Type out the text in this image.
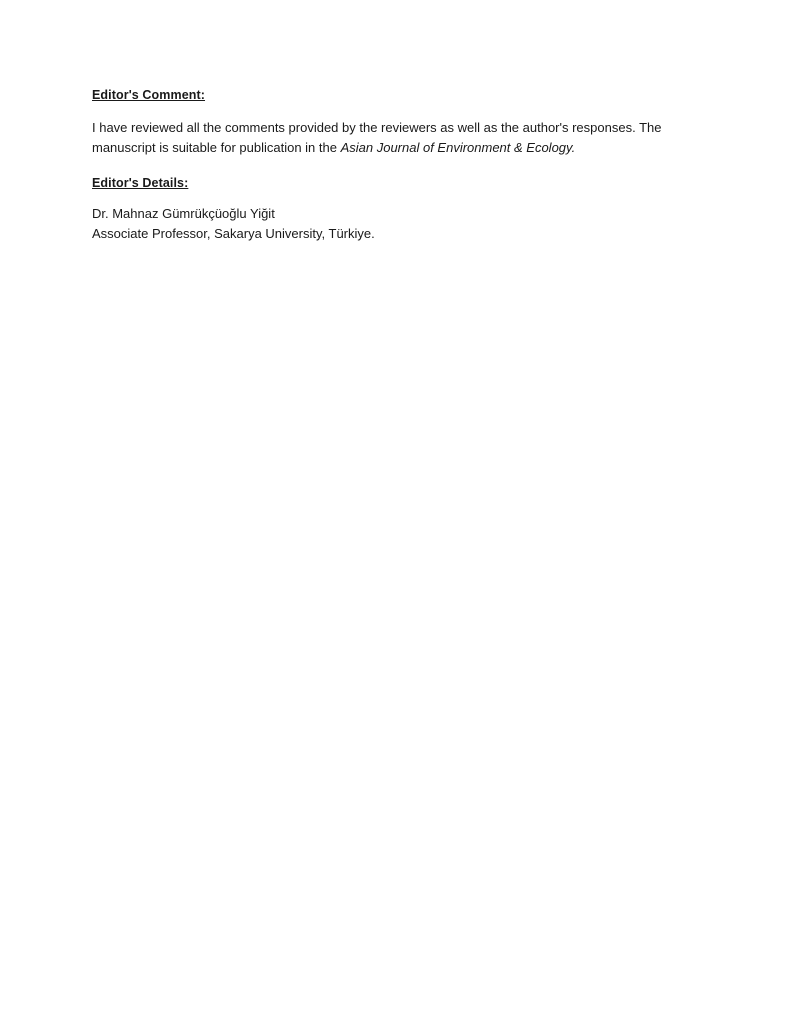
Editor's Comment:

I have reviewed all the comments provided by the reviewers as well as the author's responses. The manuscript is suitable for publication in the Asian Journal of Environment & Ecology.

Editor's Details:

Dr. Mahnaz Gümrükçüoğlu Yiğit

Associate Professor, Sakarya University, Türkiye.
